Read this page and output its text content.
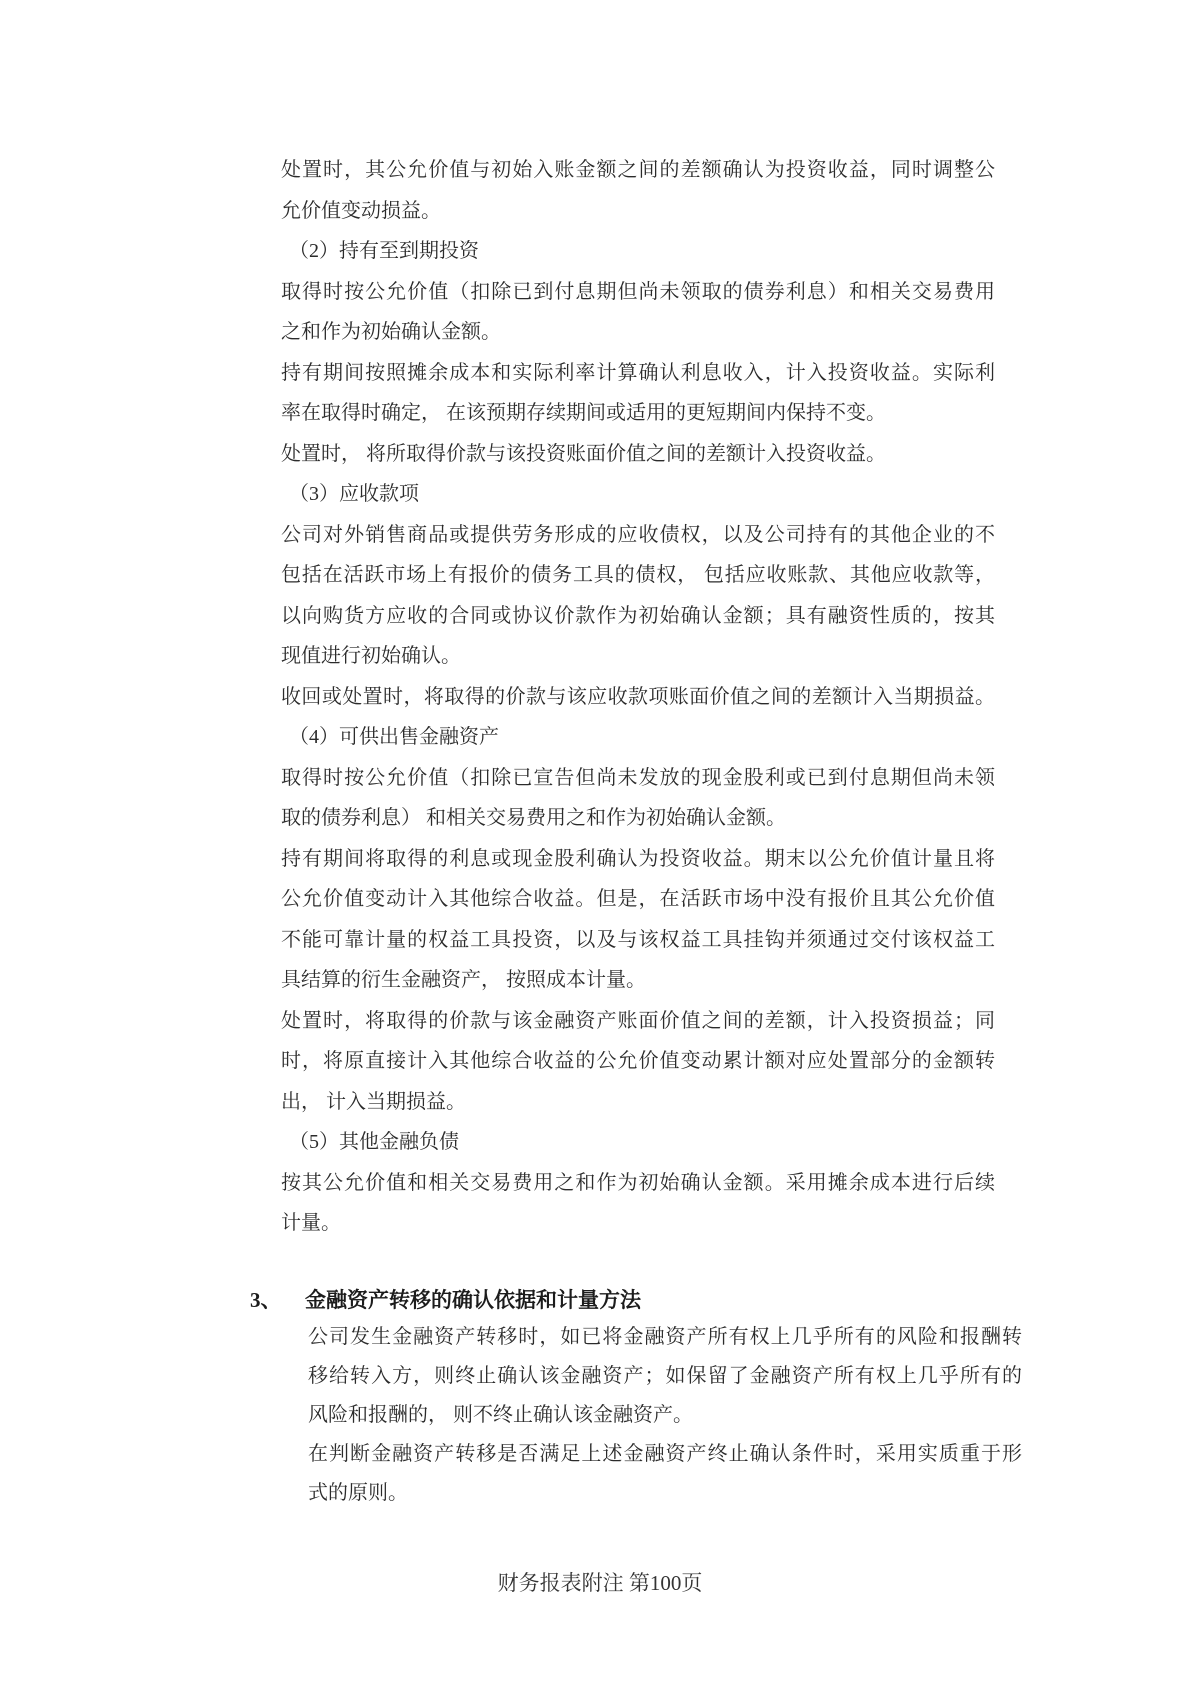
处置时，其公允价值与初始入账金额之间的差额确认为投资收益，同时调整公
允价值变动损益。
（2）持有至到期投资
取得时按公允价值（扣除已到付息期但尚未领取的债券利息）和相关交易费用
之和作为初始确认金额。
持有期间按照摊余成本和实际利率计算确认利息收入，计入投资收益。实际利
率在取得时确定， 在该预期存续期间或适用的更短期间内保持不变。
处置时， 将所取得价款与该投资账面价值之间的差额计入投资收益。
（3）应收款项
公司对外销售商品或提供劳务形成的应收债权，以及公司持有的其他企业的不
包括在活跃市场上有报价的债务工具的债权， 包括应收账款、其他应收款等，
以向购货方应收的合同或协议价款作为初始确认金额；具有融资性质的，按其
现值进行初始确认。
收回或处置时，将取得的价款与该应收款项账面价值之间的差额计入当期损益。
（4）可供出售金融资产
取得时按公允价值（扣除已宣告但尚未发放的现金股利或已到付息期但尚未领
取的债券利息） 和相关交易费用之和作为初始确认金额。
持有期间将取得的利息或现金股利确认为投资收益。期末以公允价值计量且将
公允价值变动计入其他综合收益。但是，在活跃市场中没有报价且其公允价值
不能可靠计量的权益工具投资，以及与该权益工具挂钩并须通过交付该权益工
具结算的衍生金融资产， 按照成本计量。
处置时，将取得的价款与该金融资产账面价值之间的差额，计入投资损益；同
时，将原直接计入其他综合收益的公允价值变动累计额对应处置部分的金额转
出， 计入当期损益。
（5）其他金融负债
按其公允价值和相关交易费用之和作为初始确认金额。采用摊余成本进行后续
计量。
3、	金融资产转移的确认依据和计量方法
公司发生金融资产转移时，如已将金融资产所有权上几乎所有的风险和报酬转
移给转入方，则终止确认该金融资产；如保留了金融资产所有权上几乎所有的
风险和报酬的， 则不终止确认该金融资产。
在判断金融资产转移是否满足上述金融资产终止确认条件时，采用实质重于形
式的原则。
财务报表附注 第100页
